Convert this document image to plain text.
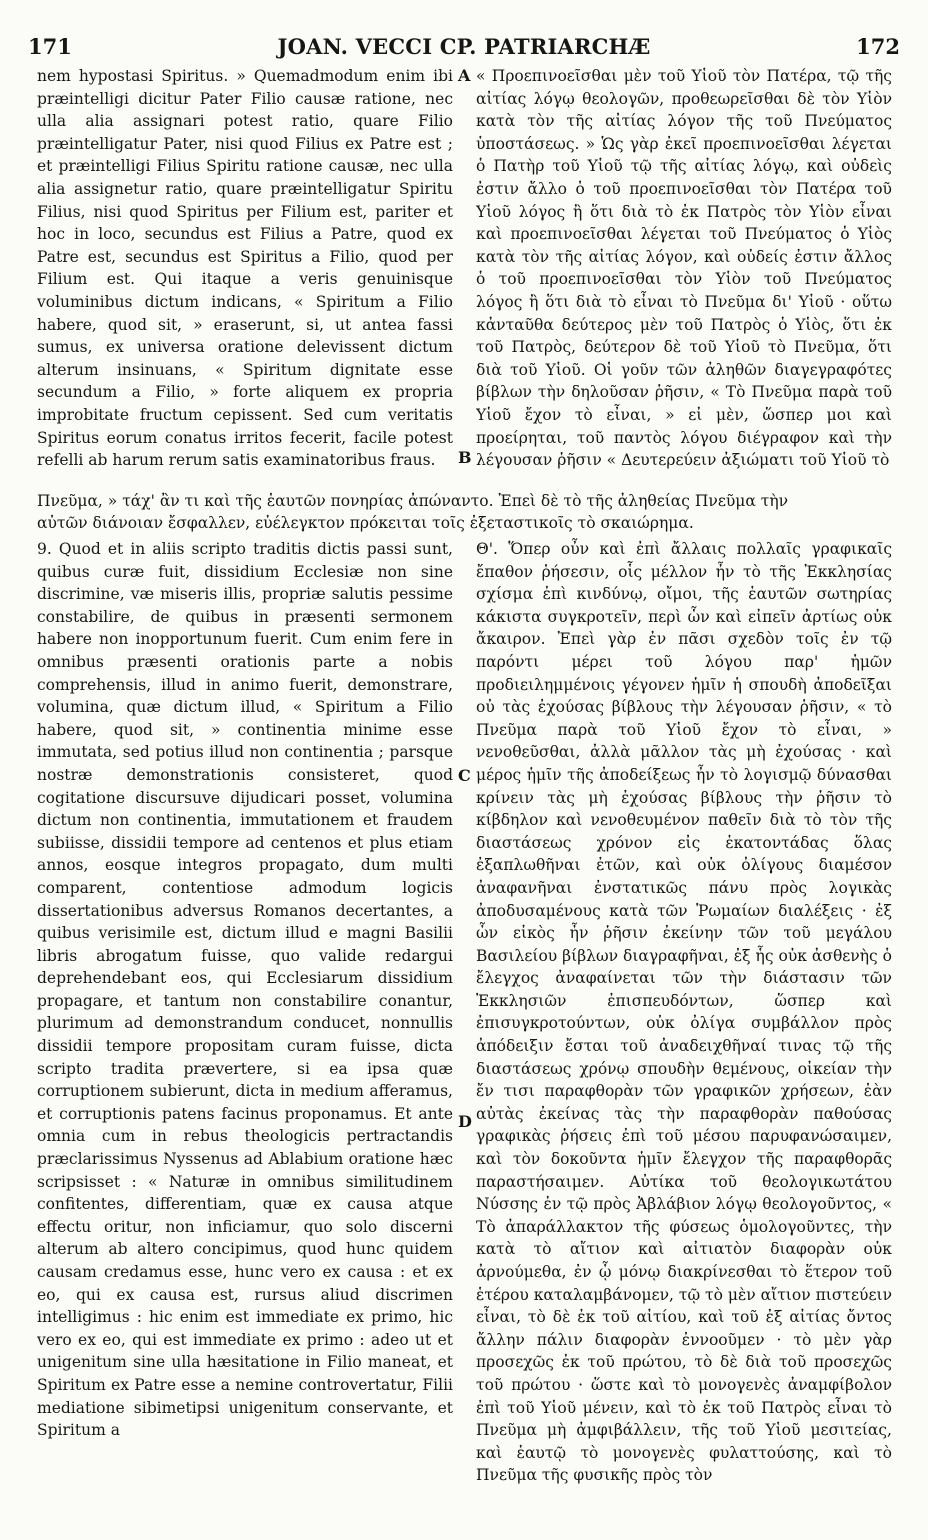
171	JOAN. VECCI CP. PATRIARCHÆ	172

nem hypostasi Spiritus. » Quemadmodum enim ibi præintelligi dicitur Pater Filio causæ ratione, nec ulla alia assignari potest ratio, quare Filio præintelligatur Pater, nisi quod Filius ex Patre est ; et præintelligi Filius Spiritu ratione causæ, nec ulla alia assignetur ratio, quare præintelligatur Spiritu Filius, nisi quod Spiritus per Filium est, pariter et hoc in loco, secundus est Filius a Patre, quod ex Patre est, secundus est Spiritus a Filio, quod per Filium est. Qui itaque a veris genuinisque voluminibus dictum indicans, « Spiritum a Filio habere, quod sit, » eraserunt, si, ut antea fassi sumus, ex universa oratione delevissent dictum alterum insinuans, « Spiritum dignitate esse secundum a Filio, » forte aliquem ex propria improbitate fructum cepissent. Sed cum veritatis Spiritus eorum conatus irritos fecerit, facile potest refelli ab harum rerum satis examinatoribus fraus.

« Προεπινοεῖσθαι μὲν τοῦ Υἱοῦ τὸν Πατέρα, τῷ τῆς αἰτίας λόγῳ θεολογῶν, προθεωρεῖσθαι δὲ τὸν Υἱὸν κατὰ τὸν τῆς αἰτίας λόγον τῆς τοῦ Πνεύματος ὑποστάσεως. » Ὡς γὰρ ἐκεῖ προεπινοεῖσθαι λέγεται ὁ Πατὴρ τοῦ Υἱοῦ τῷ τῆς αἰτίας λόγῳ, καὶ οὐδεὶς ἐστιν ἄλλο ὁ τοῦ προεπινοεῖσθαι τὸν Πατέρα τοῦ Υἱοῦ λόγος ἢ ὅτι διὰ τὸ ἐκ Πατρὸς τὸν Υἱὸν εἶναι καὶ προεπινοεῖσθαι λέγεται τοῦ Πνεύματος ὁ Υἱὸς κατὰ τὸν τῆς αἰτίας λόγον, καὶ οὐδείς ἐστιν ἄλλος ὁ τοῦ προεπινοεῖσθαι τὸν Υἱὸν τοῦ Πνεύματος λόγος ἢ ὅτι διὰ τὸ εἶναι τὸ Πνεῦμα δι' Υἱοῦ · οὕτω κἀνταῦθα δεύτερος μὲν τοῦ Πατρὸς ὁ Υἱὸς, ὅτι ἐκ τοῦ Πατρὸς, δεύτερον δὲ τοῦ Υἱοῦ τὸ Πνεῦμα, ὅτι διὰ τοῦ Υἱοῦ. Οἱ γοῦν τῶν ἀληθῶν διαγεγραφότες βίβλων τὴν δηλοῦσαν ῥῆσιν, « Τὸ Πνεῦμα παρὰ τοῦ Υἱοῦ ἔχον τὸ εἶναι, » εἰ μὲν, ὥσπερ μοι καὶ προείρηται, τοῦ παντὸς λόγου διέγραφον καὶ τὴν λέγουσαν ῥῆσιν « Δευτερεύειν ἀξιώματι τοῦ Υἱοῦ τὸ

Πνεῦμα, » τάχ' ἂν τι καὶ τῆς ἑαυτῶν πονηρίας ἀπώναντο. Ἐπεὶ δὲ τὸ τῆς ἀληθείας Πνεῦμα τὴν
αὐτῶν διάνοιαν ἔσφαλλεν, εὐέλεγκτον πρόκειται τοῖς ἐξεταστικοῖς τὸ σκαιώρημα.

9. Quod et in aliis scripto traditis dictis passi sunt, quibus curæ fuit, dissidium Ecclesiæ non sine discrimine, væ miseris illis, propriæ salutis pessime constabilire, de quibus in præsenti sermonem habere non inopportunum fuerit. Cum enim fere in omnibus præsenti orationis parte a nobis comprehensis, illud in animo fuerit, demonstrare, volumina, quæ dictum illud, « Spiritum a Filio habere, quod sit, » continentia minime esse immutata, sed potius illud non continentia ; parsque nostræ demonstrationis consisteret, quod cogitatione discursuve dijudicari posset, volumina dictum non continentia, immutationem et fraudem subiisse, dissidii tempore ad centenos et plus etiam annos, eosque integros propagato, dum multi comparent, contentiose admodum logicis dissertationibus adversus Romanos decertantes, a quibus verisimile est, dictum illud e magni Basilii libris abrogatum fuisse, quo valide redargui deprehendebant eos, qui Ecclesiarum dissidium propagare, et tantum non constabilire conantur, plurimum ad demonstrandum conducet, nonnullis dissidii tempore propositam curam fuisse, dicta scripto tradita prævertere, si ea ipsa quæ corruptionem subierunt, dicta in medium afferamus, et corruptionis patens facinus proponamus. Et ante omnia cum in rebus theologicis pertractandis præclarissimus Nyssenus ad Ablabium oratione hæc scripsisset : « Naturæ in omnibus similitudinem confitentes, differentiam, quæ ex causa atque effectu oritur, non inficiamur, quo solo discerni alterum ab altero concipimus, quod hunc quidem causam credamus esse, hunc vero ex causa : et ex eo, qui ex causa est, rursus aliud discrimen intelligimus : hic enim est immediate ex primo, hic vero ex eo, qui est immediate ex primo : adeo ut et unigenitum sine ulla hæsitatione in Filio maneat, et Spiritum ex Patre esse a nemine controvertatur, Filii mediatione sibimetipsi unigenitum conservante, et Spiritum a

Θ'. Ὅπερ οὖν καὶ ἐπὶ ἄλλαις πολλαῖς γραφικαῖς ἔπαθον ῥήσεσιν, οἷς μέλλον ἦν τὸ τῆς Ἐκκλησίας σχίσμα ἐπὶ κινδύνῳ, οἴμοι, τῆς ἑαυτῶν σωτηρίας κάκιστα συγκροτεῖν, περὶ ὧν καὶ εἰπεῖν ἀρτίως οὐκ ἄκαιρον. Ἐπεὶ γὰρ ἐν πᾶσι σχεδὸν τοῖς ἐν τῷ παρόντι μέρει τοῦ λόγου παρ' ἡμῶν προδιειλημμένοις γέγονεν ἡμῖν ἡ σπουδὴ ἀποδεῖξαι οὐ τὰς ἐχούσας βίβλους τὴν λέγουσαν ῥῆσιν, « τὸ Πνεῦμα παρὰ τοῦ Υἱοῦ ἔχον τὸ εἶναι, » νενοθεῦσθαι, ἀλλὰ μᾶλλον τὰς μὴ ἐχούσας · καὶ μέρος ἡμῖν τῆς ἀποδείξεως ἦν τὸ λογισμῷ δύνασθαι κρίνειν τὰς μὴ ἐχούσας βίβλους τὴν ῥῆσιν τὸ κίβδηλον καὶ νενοθευμένον παθεῖν διὰ τὸ τὸν τῆς διαστάσεως χρόνον εἰς ἑκατοντάδας ὅλας ἐξαπλωθῆναι ἐτῶν, καὶ οὐκ ὀλίγους διαμέσον ἀναφανῆναι ἐνστατικῶς πάνυ πρὸς λογικὰς ἀποδυσαμένους κατὰ τῶν Ῥωμαίων διαλέξεις · ἐξ ὧν εἰκὸς ἦν ῥῆσιν ἐκείνην τῶν τοῦ μεγάλου Βασιλείου βίβλων διαγραφῆναι, ἐξ ἧς οὐκ ἀσθενὴς ὁ ἔλεγχος ἀναφαίνεται τῶν τὴν διάστασιν τῶν Ἐκκλησιῶν ἐπισπευδόντων, ὥσπερ καὶ ἐπισυγκροτούντων, οὐκ ὀλίγα συμβάλλον πρὸς ἀπόδειξιν ἔσται τοῦ ἀναδειχθῆναί τινας τῷ τῆς διαστάσεως χρόνῳ σπουδὴν θεμένους, οἰκείαν τὴν ἔν τισι παραφθορὰν τῶν γραφικῶν χρήσεων, ἐὰν αὐτὰς ἐκείνας τὰς τὴν παραφθορὰν παθούσας γραφικὰς ῥήσεις ἐπὶ τοῦ μέσου παρυφανώσαιμεν, καὶ τὸν δοκοῦντα ἡμῖν ἔλεγχον τῆς παραφθορᾶς παραστήσαιμεν. Αὐτίκα τοῦ θεολογικωτάτου Νύσσης ἐν τῷ πρὸς Ἀβλάβιον λόγῳ θεολογοῦντος, « Τὸ ἀπαράλλακτον τῆς φύσεως ὁμολογοῦντες, τὴν κατὰ τὸ αἴτιον καὶ αἰτιατὸν διαφορὰν οὐκ ἀρνούμεθα, ἐν ᾧ μόνῳ διακρίνεσθαι τὸ ἕτερον τοῦ ἑτέρου καταλαμβάνομεν, τῷ τὸ μὲν αἴτιον πιστεύειν εἶναι, τὸ δὲ ἐκ τοῦ αἰτίου, καὶ τοῦ ἐξ αἰτίας ὄντος ἄλλην πάλιν διαφορὰν ἐννοοῦμεν · τὸ μὲν γὰρ προσεχῶς ἐκ τοῦ πρώτου, τὸ δὲ διὰ τοῦ προσεχῶς τοῦ πρώτου · ὥστε καὶ τὸ μονογενὲς ἀναμφίβολον ἐπὶ τοῦ Υἱοῦ μένειν, καὶ τὸ ἐκ τοῦ Πατρὸς εἶναι τὸ Πνεῦμα μὴ ἀμφιβάλλειν, τῆς τοῦ Υἱοῦ μεσιτείας, καὶ ἑαυτῷ τὸ μονογενὲς φυλαττούσης, καὶ τὸ Πνεῦμα τῆς φυσικῆς πρὸς τὸν

A
B
C
D
